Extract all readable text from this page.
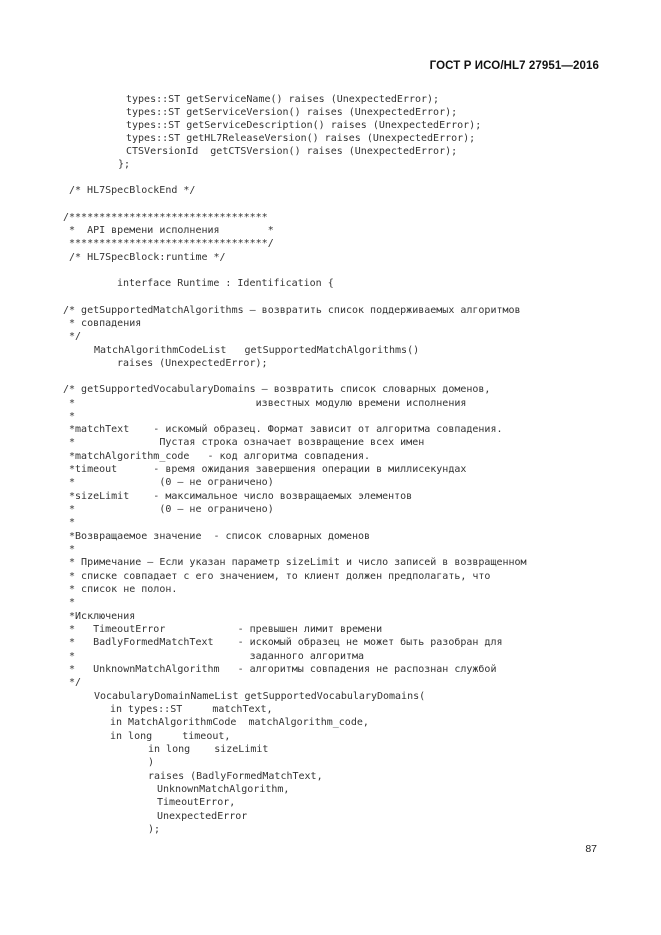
ГОСТ Р ИСО/HL7 27951—2016
types::ST getServiceName() raises (UnexpectedError);
types::ST getServiceVersion() raises (UnexpectedError);
types::ST getServiceDescription() raises (UnexpectedError);
types::ST getHL7ReleaseVersion() raises (UnexpectedError);
CTSVersionId  getCTSVersion() raises (UnexpectedError);
};
/* HL7SpecBlockEnd */
/*********************************
*  API времени исполнения        *
*********************************/
/* HL7SpecBlock:runtime */
interface Runtime : Identification {
/* getSupportedMatchAlgorithms — возвратить список поддерживаемых алгоритмов
* совпадения
*/
MatchAlgorithmCodeList   getSupportedMatchAlgorithms()
raises (UnexpectedError);
/* getSupportedVocabularyDomains — возвратить список словарных доменов,
*                              известных модулю времени исполнения
*
*matchText    - искомый образец. Формат зависит от алгоритма совпадения.
*              Пустая строка означает возвращение всех имен
*matchAlgorithm_code   - код алгоритма совпадения.
*timeout      - время ожидания завершения операции в миллисекундах
*              (0 — не ограничено)
*sizeLimit    - максимальное число возвращаемых элементов
*              (0 — не ограничено)
*
*Возвращаемое значение  - список словарных доменов
*
* Примечание — Если указан параметр sizeLimit и число записей в возвращенном
* списке совпадает с его значением, то клиент должен предполагать, что
* список не полон.
*
*Исключения
*   TimeoutError            - превышен лимит времени
*   BadlyFormedMatchText    - искомый образец не может быть разобран для
*                             заданного алгоритма
*   UnknownMatchAlgorithm   - алгоритмы совпадения не распознан службой
*/
VocabularyDomainNameList getSupportedVocabularyDomains(
in types::ST     matchText,
in MatchAlgorithmCode  matchAlgorithm_code,
in long     timeout,
in long    sizeLimit
)
raises (BadlyFormedMatchText,
UnknownMatchAlgorithm,
TimeoutError,
UnexpectedError
);
87
